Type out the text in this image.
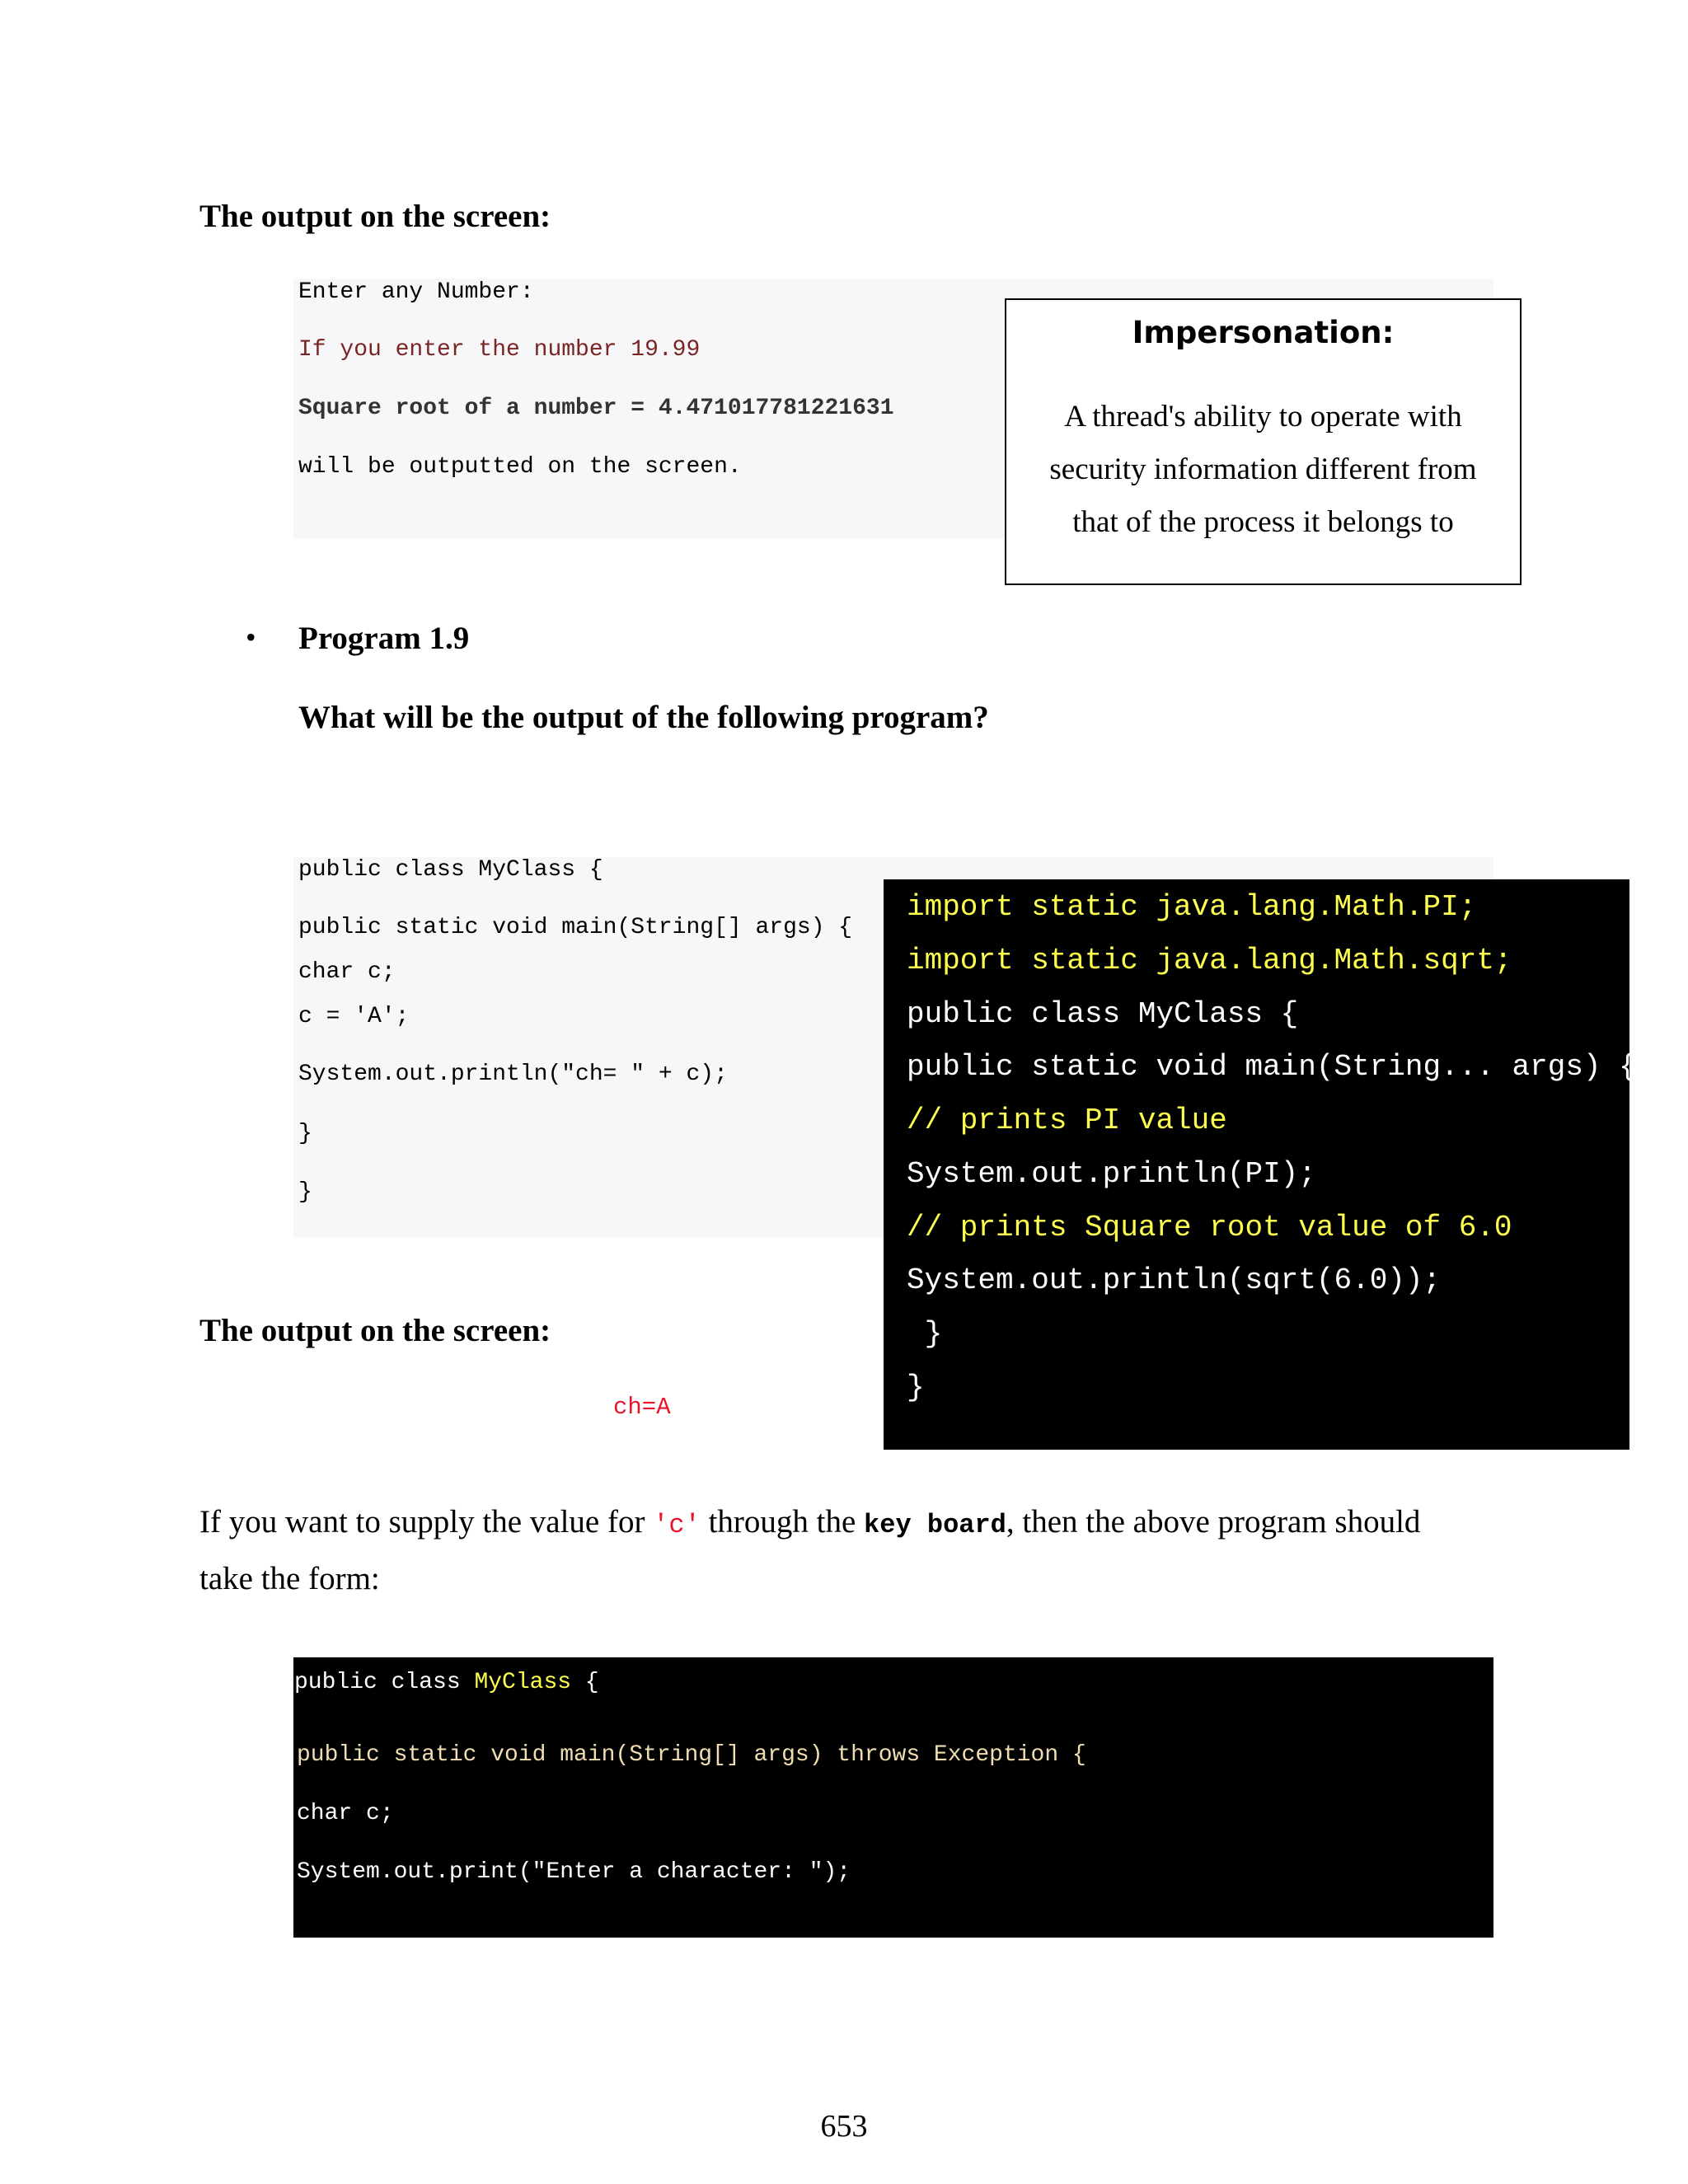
The output on the screen:
Enter any Number:
If you enter the number 19.99
Square root of a number = 4.471017781221631
will be outputted on the screen.
Impersonation:
A thread's ability to operate with
security information different from
that of the process it belongs to
• Program 1.9
What will be the output of the following program?
public class MyClass {
public static void main(String[] args) {
char c;
c = 'A';
System.out.println("ch= " + c);
}
}
import static java.lang.Math.PI;
import static java.lang.Math.sqrt;
public class MyClass {
public static void main(String... args) {
// prints PI value
System.out.println(PI);
// prints Square root value of 6.0
System.out.println(sqrt(6.0));
}
}
The output on the screen:
ch=A
If you want to supply the value for 'c' through the key board, then the above program should
take the form:
public class MyClass {
public static void main(String[] args) throws Exception {
char c;
System.out.print("Enter a character: ");
653
